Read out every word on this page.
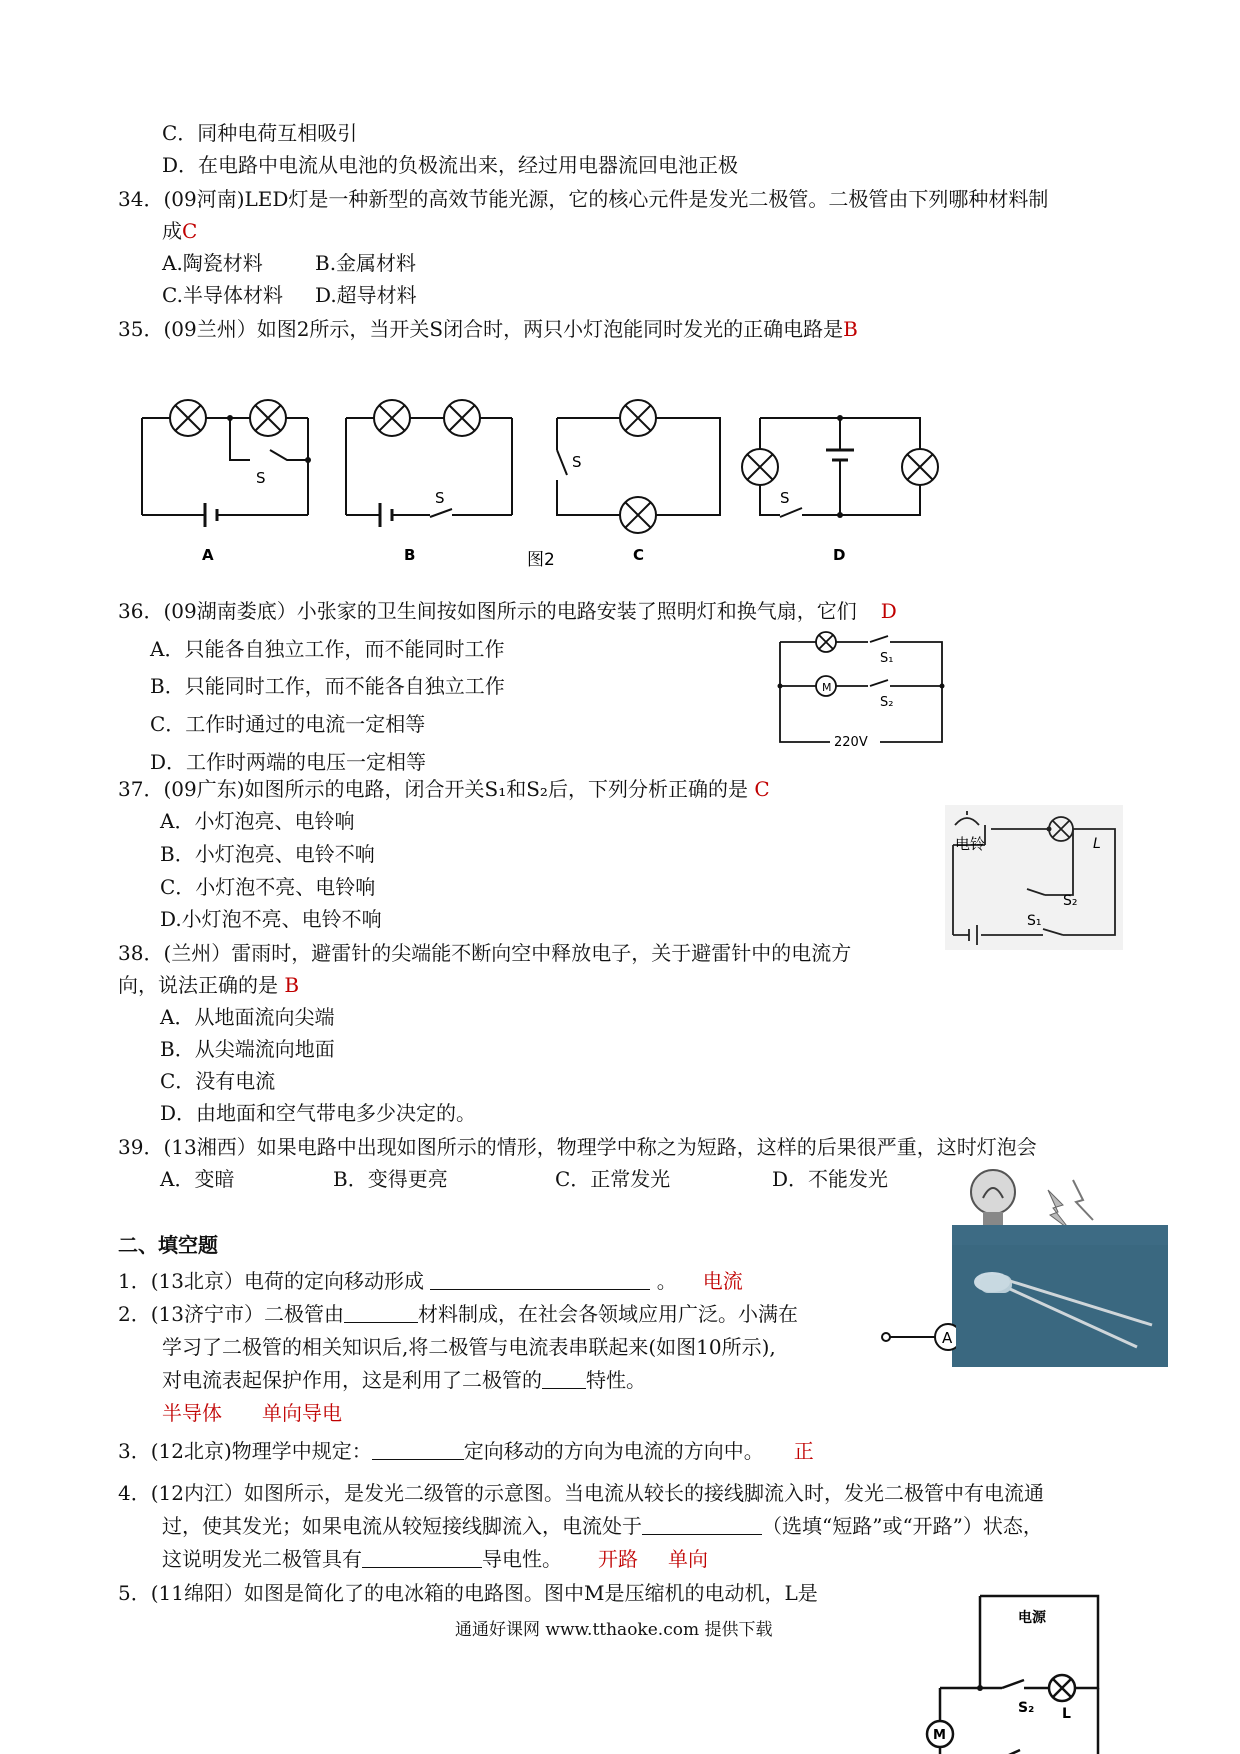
C．同种电荷互相吸引
D．在电路中电流从电池的负极流出来，经过用电器流回电池正极
34．(09河南)LED灯是一种新型的高效节能光源，它的核心元件是发光二极管。二极管由下列哪种材料制
成C
A.陶瓷材料	B.金属材料
C.半导体材料 D.超导材料
35．(09兰州）如图2所示，当开关S闭合时，两只小灯泡能同时发光的正确电路是B
S
S
S
S
A	B	C	D
图2
36．(09湖南娄底）小张家的卫生间按如图所示的电路安装了照明灯和换气扇，它们 D
A．只能各自独立工作，而不能同时工作
B．只能同时工作，而不能各自独立工作
C．工作时通过的电流一定相等
D．工作时两端的电压一定相等
M
S₁
S₂
220V
37．(09广东)如图所示的电路，闭合开关S₁和S₂后，下列分析正确的是 C
A．小灯泡亮、电铃响
B．小灯泡亮、电铃不响
C．小灯泡不亮、电铃响
D.小灯泡不亮、电铃不响
电铃	L
S₂
S₁
38．(兰州）雷雨时，避雷针的尖端能不断向空中释放电子，关于避雷针中的电流方
向，说法正确的是 B
A．从地面流向尖端
B．从尖端流向地面
C．没有电流
D．由地面和空气带电多少决定的。
39．(13湘西）如果电路中出现如图所示的情形，物理学中称之为短路，这样的后果很严重，这时灯泡会
A．变暗	B．变得更亮	C．正常发光	D．不能发光
二、填空题
1．(13北京）电荷的定向移动形成	。 电流
2．(13济宁市）二极管由	材料制成，在社会各领域应用广泛。小满在
学习了二极管的相关知识后,将二极管与电流表串联起来(如图10所示),
对电流表起保护作用，这是利用了二极管的 特性。
半导体 单向导电
A
3．(12北京)物理学中规定：	定向移动的方向为电流的方向中。 正
4．(12内江）如图所示，是发光二级管的示意图。当电流从较长的接线脚流入时，发光二极管中有电流通
过，使其发光；如果电流从较短接线脚流入，电流处于	（选填“短路”或“开路”）状态，
这说明发光二极管具有	导电性。 开路 单向
5．(11绵阳）如图是简化了的电冰箱的电路图。图中M是压缩机的电动机，L是
电源
S₂ L
M
通通好课网 www.tthaoke.com 提供下载
